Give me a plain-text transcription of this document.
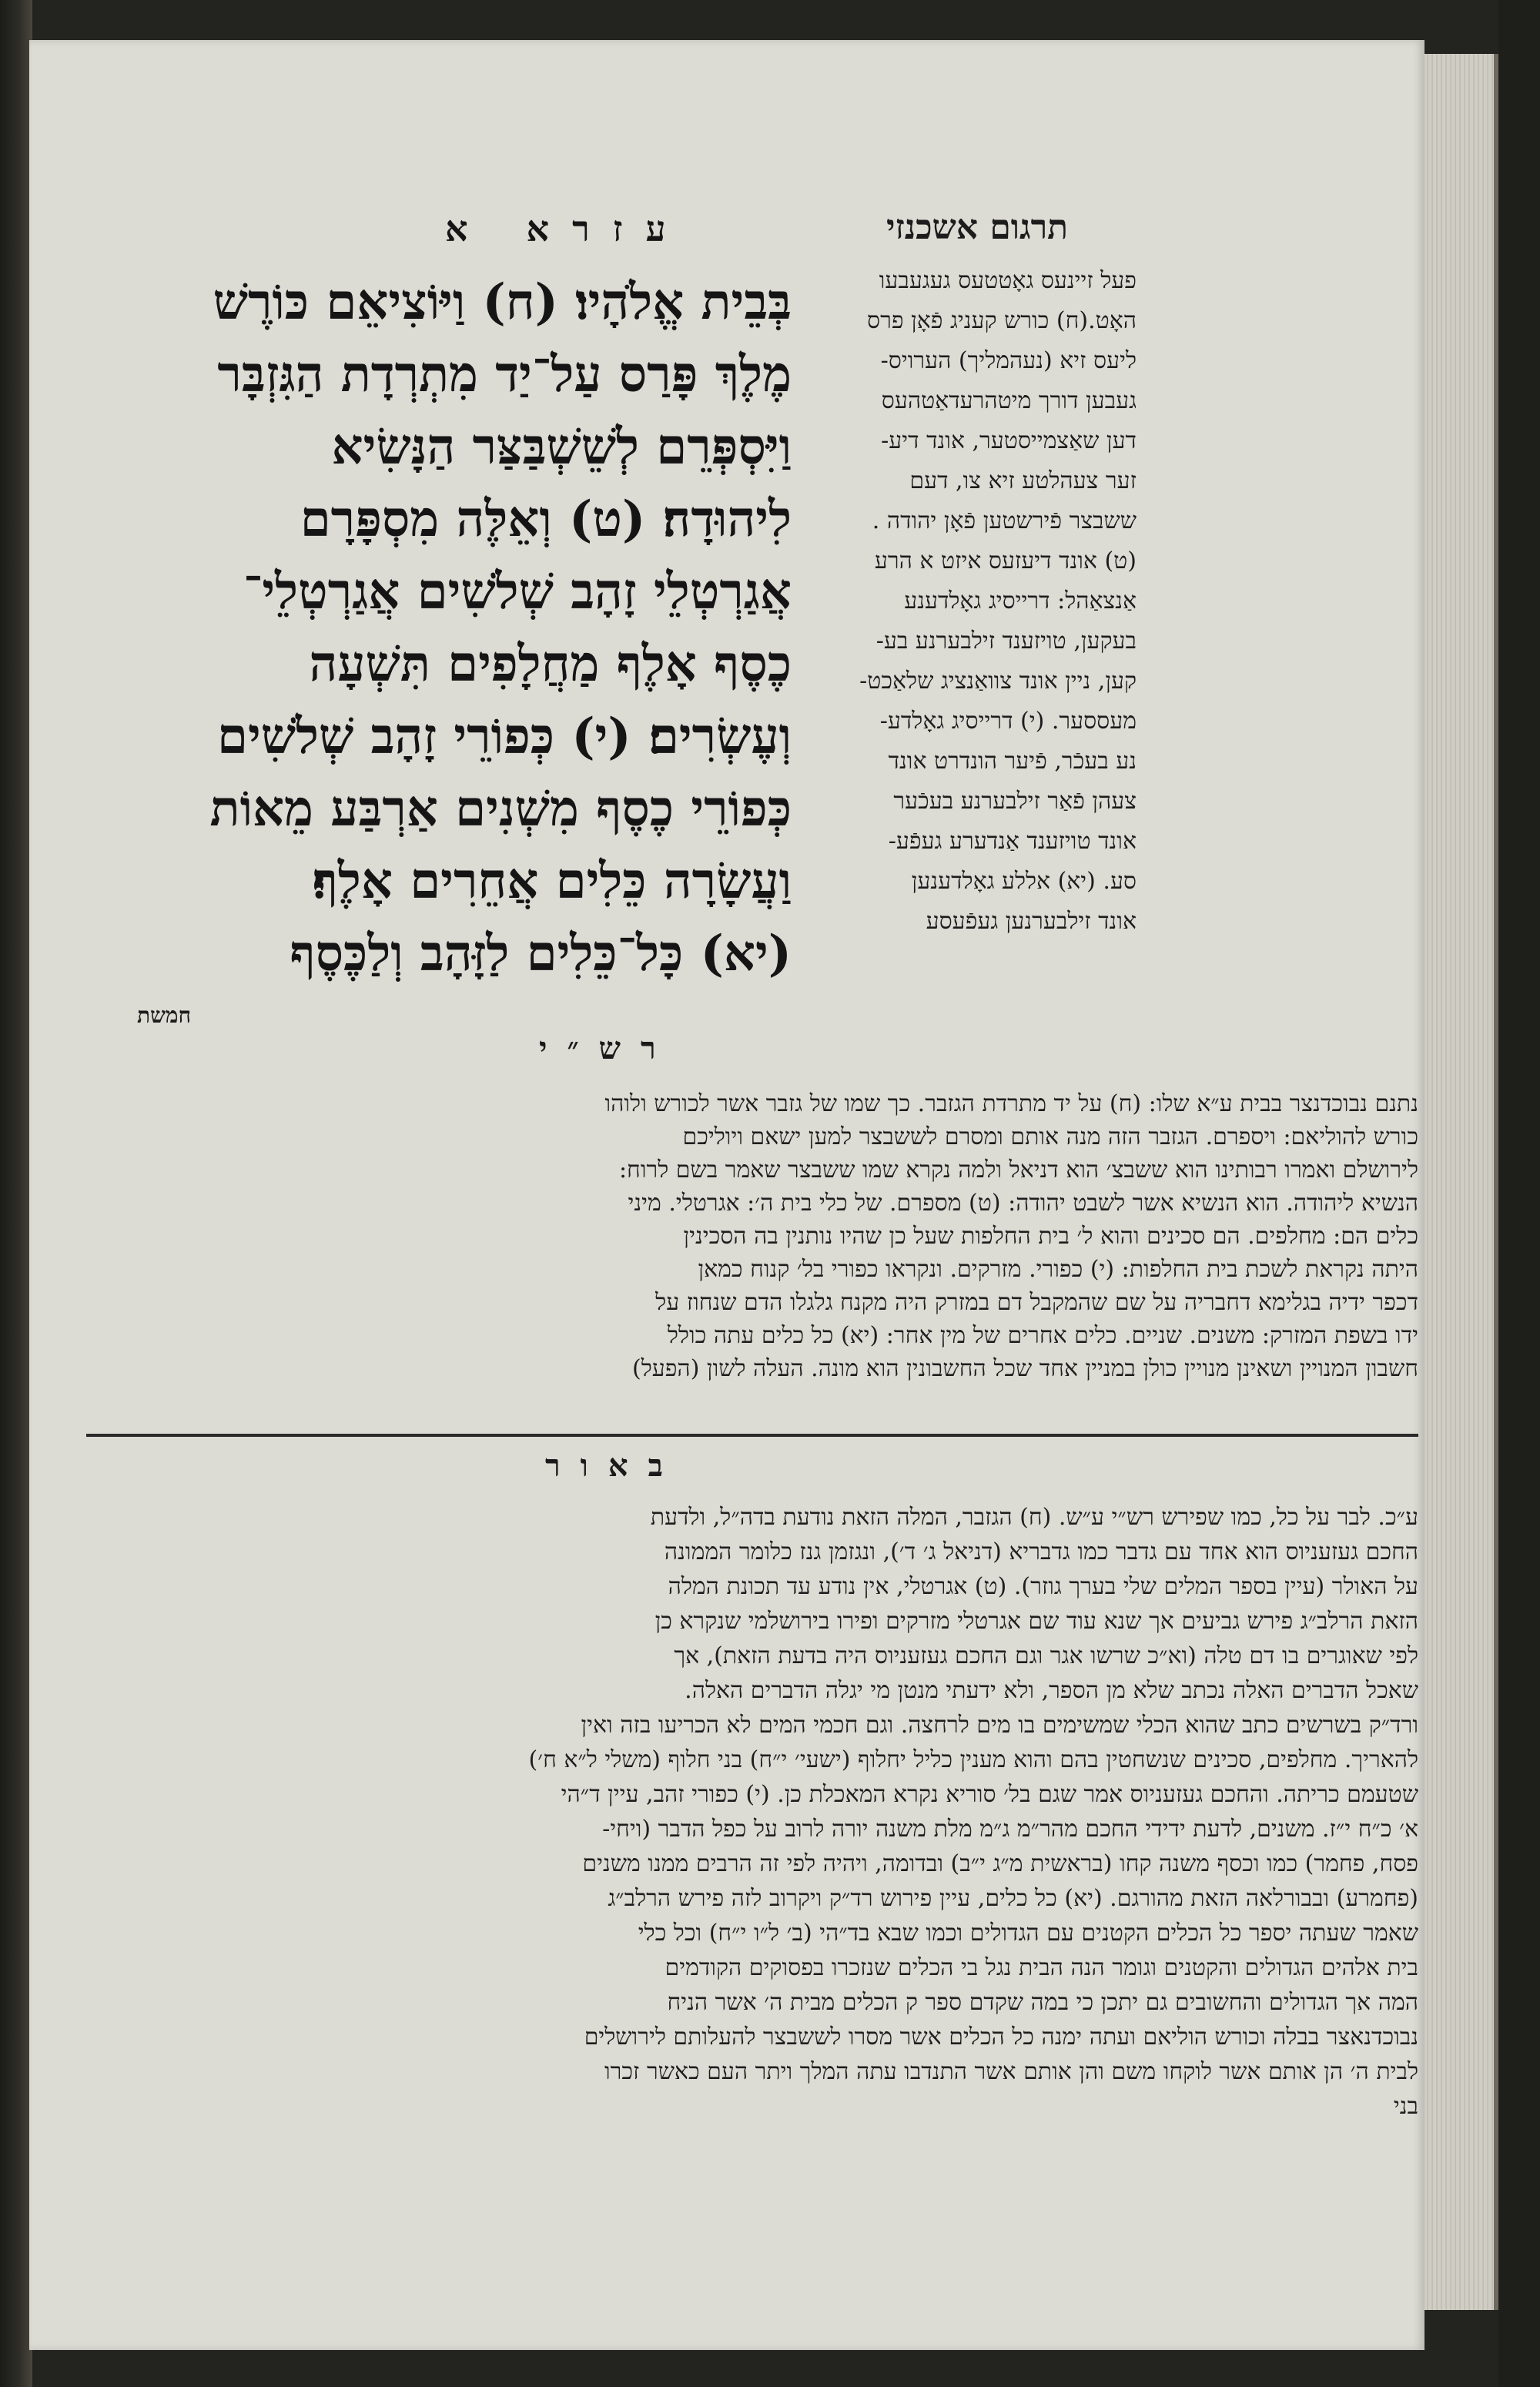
תרגום אשכנזי
פעל זיינעס גאָטטעס געגעבעו
האָט.(ח) כורש קעניג פֿאָן פרס
ליעס זיא (נעהמליך) הערויס-
געבען דורך מיטהרעדאַטהעס
דען שאַצמייסטער, אונד דיע-
זער צעהלטע זיא צו, דעם
ששבצר פֿירשטען פֿאָן יהודה .
(ט) אונד דיעזעס איזט א הרע
אַנצאַהל: דרייסיג גאָלדענע
בעקען, טויזענד זילבערנע בע-
קען, ניין אונד צוואַנציג שלאַכט-
מעססער. (י) דרייסיג גאָלדע-
נע בעכֿר, פֿיער הונדרט אונד
צעהן פֿאַר זילבערנע בעכֿער
אונד טויזענד אַנדערע געפֿע-
סע. (יא) אללע גאָלדענען
אונד זילבערנען געפֿעסע
עזרא א
בְּבֵית אֱלֹהָיו׃ (ח) וַיּוֹצִיאֵם כּוֹרֶשׁ
מֶלֶךְ פָּרַס עַל־יַד מִתְרְדָת הַגִּזְבָּר
וַיִּסְפְּרֵם לְשֵׁשְׁבַּצַּר הַנָּשִׂיא
לִיהוּדָה׃ (ט) וְאֵלֶּה מִסְפָּרָם
אֲגַרְטְלֵי זָהָב שְׁלֹשִׁים אֲגַרְטְלֵי־
כֶסֶף אָלֶף מַחֲלָפִים תִּשְׁעָה
וְעֶשְׂרִים׃ (י) כְּפוֹרֵי זָהָב שְׁלֹשִׁים
כְּפוֹרֵי כֶסֶף מִשְׁנִים אַרְבַּע מֵאוֹת
וַעֲשָׂרָה כֵּלִים אֲחֵרִים אָלֶף׃
(יא) כָּל־כֵּלִים לַזָּהָב וְלַכֶּסֶף
חמשת
רש״י
נתנם נבוכדנצר בבית ע״א שלו: (ח) על יד מתרדת הגזבר. כך שמו של גזבר אשר לכורש ולוהו
כורש להוליאם: ויספרם. הגזבר הזה מנה אותם ומסרם לששבצר למען ישאם ויוליכם
לירושלם ואמרו רבותינו הוא ששבצ׳ הוא דניאל ולמה נקרא שמו ששבצר שאמר בשם לרוח:
הנשיא ליהודה. הוא הנשיא אשר לשבט יהודה: (ט) מספרם. של כלי בית ה׳: אגרטלי. מיני
כלים הם: מחלפים. הם סכינים והוא ל׳ בית החלפות שעל כן שהיו נותנין בה הסכינין
היתה נקראת לשכת בית החלפות: (י) כפורי. מזרקים. ונקראו כפורי בל׳ קנוח כמאן
דכפר ידיה בגלימא דחבריה על שם שהמקבל דם במזרק היה מקנח גלגלו הדם שנחוז על
ידו בשפת המזרק: משנים. שניים. כלים אחרים של מין אחר: (יא) כל כלים עתה כולל
חשבון המנויין ושאינן מנויין כולן במניין אחד שכל החשבונין הוא מונה. העלה לשון (הפעל)
באור
ע״כ. לבר על כל, כמו שפירש רש״י ע״ש. (ח) הגזבר, המלה הזאת נודעת בדה״ל, ולדעת
החכם געזעניוס הוא אחד עם גדבר כמו גדבריא (דניאל ג׳ ד׳), ונגזמן גנז כלומר הממונה
על האולר (עיין בספר המלים שלי בערך גוזר). (ט) אגרטלי, אין נודע עד תכונת המלה
הזאת הרלב״ג פירש גביעים אך שנא עוד שם אגרטלי מזרקים ופירו בירושלמי שנקרא כן
לפי שאוגרים בו דם טלה (וא״כ שרשו אגר וגם החכם געזעניוס היה בדעת הזאת), אך
שאכל הדברים האלה נכתב שלא מן הספר, ולא ידעתי מנטן מי יגלה הדברים האלה.
ורד״ק בשרשים כתב שהוא הכלי שמשימים בו מים לרחצה. וגם חכמי המים לא הכריעו בזה ואין
להאריך. מחלפים, סכינים שנשחטין בהם והוא מענין כליל יחלוף (ישעי׳ י״ח) בני חלוף (משלי ל״א ח׳)
שטעמם כריתה. והחכם געזעניוס אמר שגם בל׳ סוריא נקרא המאכלת כן. (י) כפורי זהב, עיין ד״הי
א׳ כ״ח י״ז. משנים, לדעת ידידי החכם מהר״מ ג״מ מלת משנה יורה לרוב על כפל הדבר (ויחי-
פסח, פחמר) כמו וכסף משנה קחו (בראשית מ״ג י״ב) ובדומה, ויהיה לפי זה הרבים ממנו משנים
(פחמרע) ובבורלאה הזאת מהורגם. (יא) כל כלים, עיין פירוש רד״ק ויקרוב לזה פירש הרלב״ג
שאמר שעתה יספר כל הכלים הקטנים עם הגדולים וכמו שבא בד״הי (ב׳ ל״ו י״ח) וכל כלי
בית אלהים הגדולים והקטנים וגומר הנה הבית נגל בי הכלים שנזכרו בפסוקים הקודמים
המה אך הגדולים והחשובים גם יתכן כי במה שקדם ספר ק הכלים מבית ה׳ אשר הניח
נבוכדנאצר בבלה וכורש הוליאם ועתה ימנה כל הכלים אשר מסרו לששבצר להעלותם לירושלים
לבית ה׳ הן אותם אשר לוקחו משם והן אותם אשר התנדבו עתה המלך ויתר העם כאשר זכרו
בני
